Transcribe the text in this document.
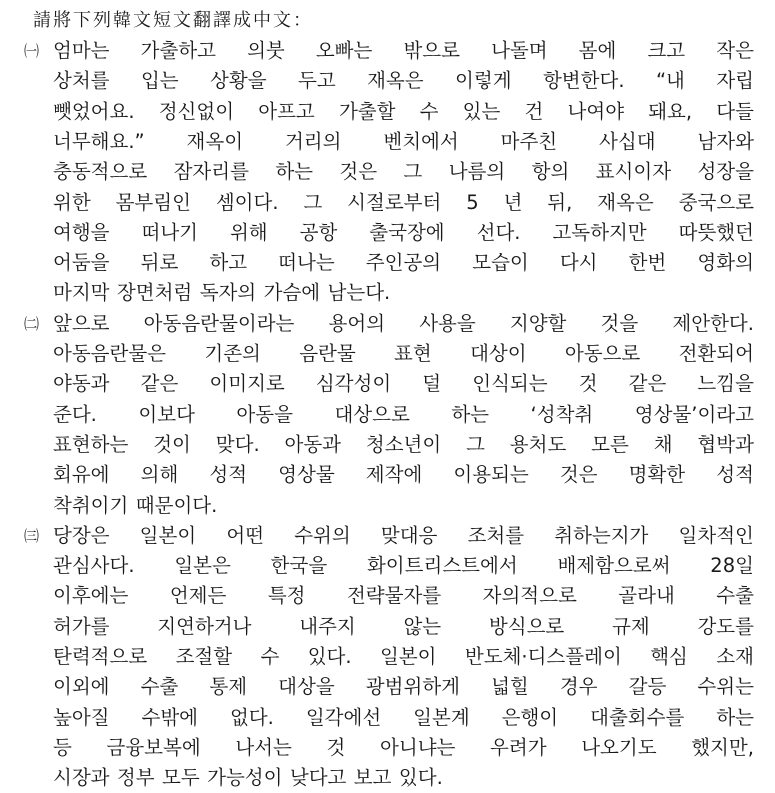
請將下列韓文短文翻譯成中文：
㈠ 엄마는 가출하고 의붓 오빠는 밖으로 나돌며 몸에 크고 작은
상처를 입는 상황을 두고 재옥은 이렇게 항변한다. “내 자립
뺏었어요. 정신없이 아프고 가출할 수 있는 건 나여야 돼요, 다들
너무해요.” 재옥이 거리의 벤치에서 마주친 사십대 남자와
충동적으로 잠자리를 하는 것은 그 나름의 항의 표시이자 성장을
위한 몸부림인 셈이다. 그 시절로부터 5 년 뒤, 재옥은 중국으로
여행을 떠나기 위해 공항 출국장에 선다. 고독하지만 따뜻했던
어둠을 뒤로 하고 떠나는 주인공의 모습이 다시 한번 영화의
마지막 장면처럼 독자의 가슴에 남는다.
㈡ 앞으로 아동음란물이라는 용어의 사용을 지양할 것을 제안한다.
아동음란물은 기존의 음란물 표현 대상이 아동으로 전환되어
야동과 같은 이미지로 심각성이 덜 인식되는 것 같은 느낌을
준다. 이보다 아동을 대상으로 하는 ‘성착취 영상물’이라고
표현하는 것이 맞다. 아동과 청소년이 그 용처도 모른 채 협박과
회유에 의해 성적 영상물 제작에 이용되는 것은 명확한 성적
착취이기 때문이다.
㈢ 당장은 일본이 어떤 수위의 맞대응 조처를 취하는지가 일차적인
관심사다. 일본은 한국을 화이트리스트에서 배제함으로써 28일
이후에는 언제든 특정 전략물자를 자의적으로 골라내 수출
허가를 지연하거나 내주지 않는 방식으로 규제 강도를
탄력적으로 조절할 수 있다. 일본이 반도체·디스플레이 핵심 소재
이외에 수출 통제 대상을 광범위하게 넓힐 경우 갈등 수위는
높아질 수밖에 없다. 일각에선 일본계 은행이 대출회수를 하는
등 금융보복에 나서는 것 아니냐는 우려가 나오기도 했지만,
시장과 정부 모두 가능성이 낮다고 보고 있다.
